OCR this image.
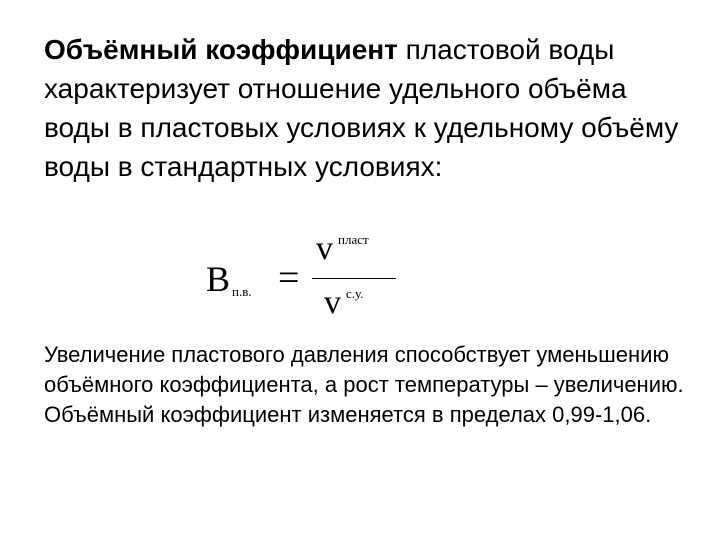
Объёмный коэффициент пластовой воды характеризует отношение удельного объёма воды в пластовых условиях к удельному объёму воды в стандартных условиях:

B п.в. =
v пласт
v с.у.

Увеличение пластового давления способствует уменьшению объёмного коэффициента, а рост температуры – увеличению. Объёмный коэффициент изменяется в пределах 0,99-1,06.
